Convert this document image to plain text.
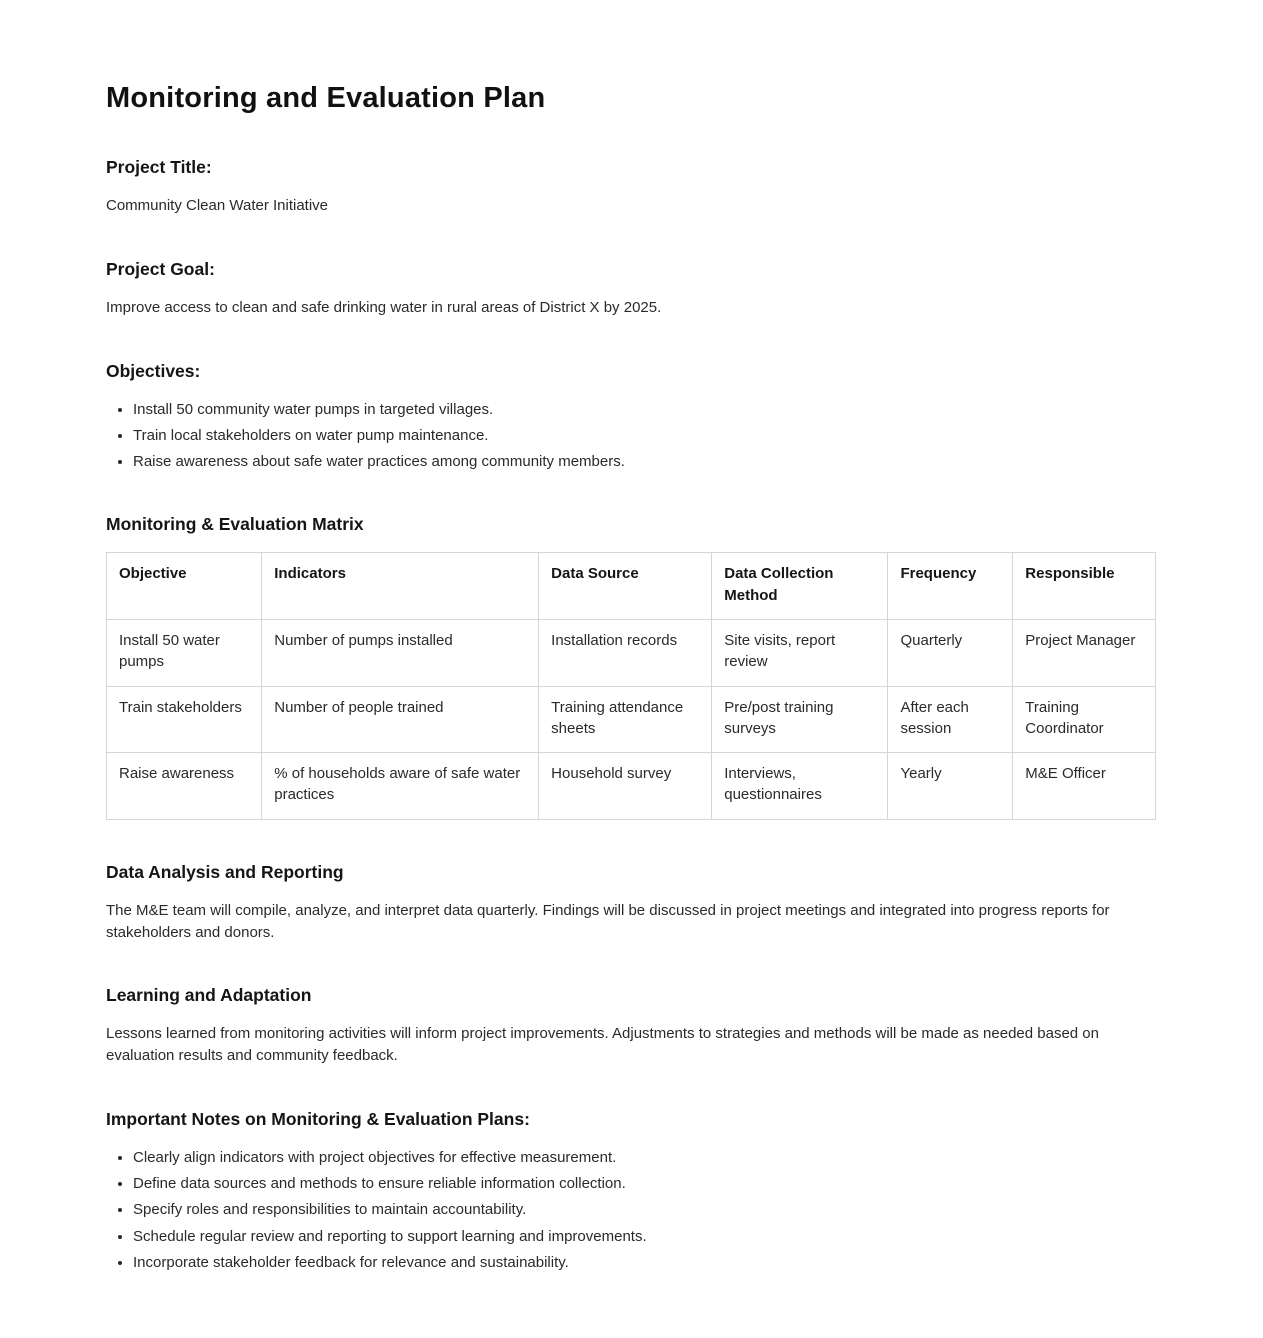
Monitoring and Evaluation Plan
Project Title:

Community Clean Water Initiative

Project Goal:

Improve access to clean and safe drinking water in rural areas of District X by 2025.

Objectives:
• Install 50 community water pumps in targeted villages.
• Train local stakeholders on water pump maintenance.
• Raise awareness about safe water practices among community members.
Monitoring & Evaluation Matrix
Objective	Indicators	Data Source	Data Collection Method	Frequency	Responsible
Install 50 water pumps	Number of pumps installed	Installation records	Site visits, report review	Quarterly	Project Manager
Train stakeholders	Number of people trained	Training attendance sheets	Pre/post training surveys	After each session	Training Coordinator
Raise awareness	% of households aware of safe water practices	Household survey	Interviews, questionnaires	Yearly	M&E Officer
Data Analysis and Reporting

The M&E team will compile, analyze, and interpret data quarterly. Findings will be discussed in project meetings and integrated into progress reports for stakeholders and donors.

Learning and Adaptation

Lessons learned from monitoring activities will inform project improvements. Adjustments to strategies and methods will be made as needed based on evaluation results and community feedback.

Important Notes on Monitoring & Evaluation Plans:
• Clearly align indicators with project objectives for effective measurement.
• Define data sources and methods to ensure reliable information collection.
• Specify roles and responsibilities to maintain accountability.
• Schedule regular review and reporting to support learning and improvements.
• Incorporate stakeholder feedback for relevance and sustainability.
